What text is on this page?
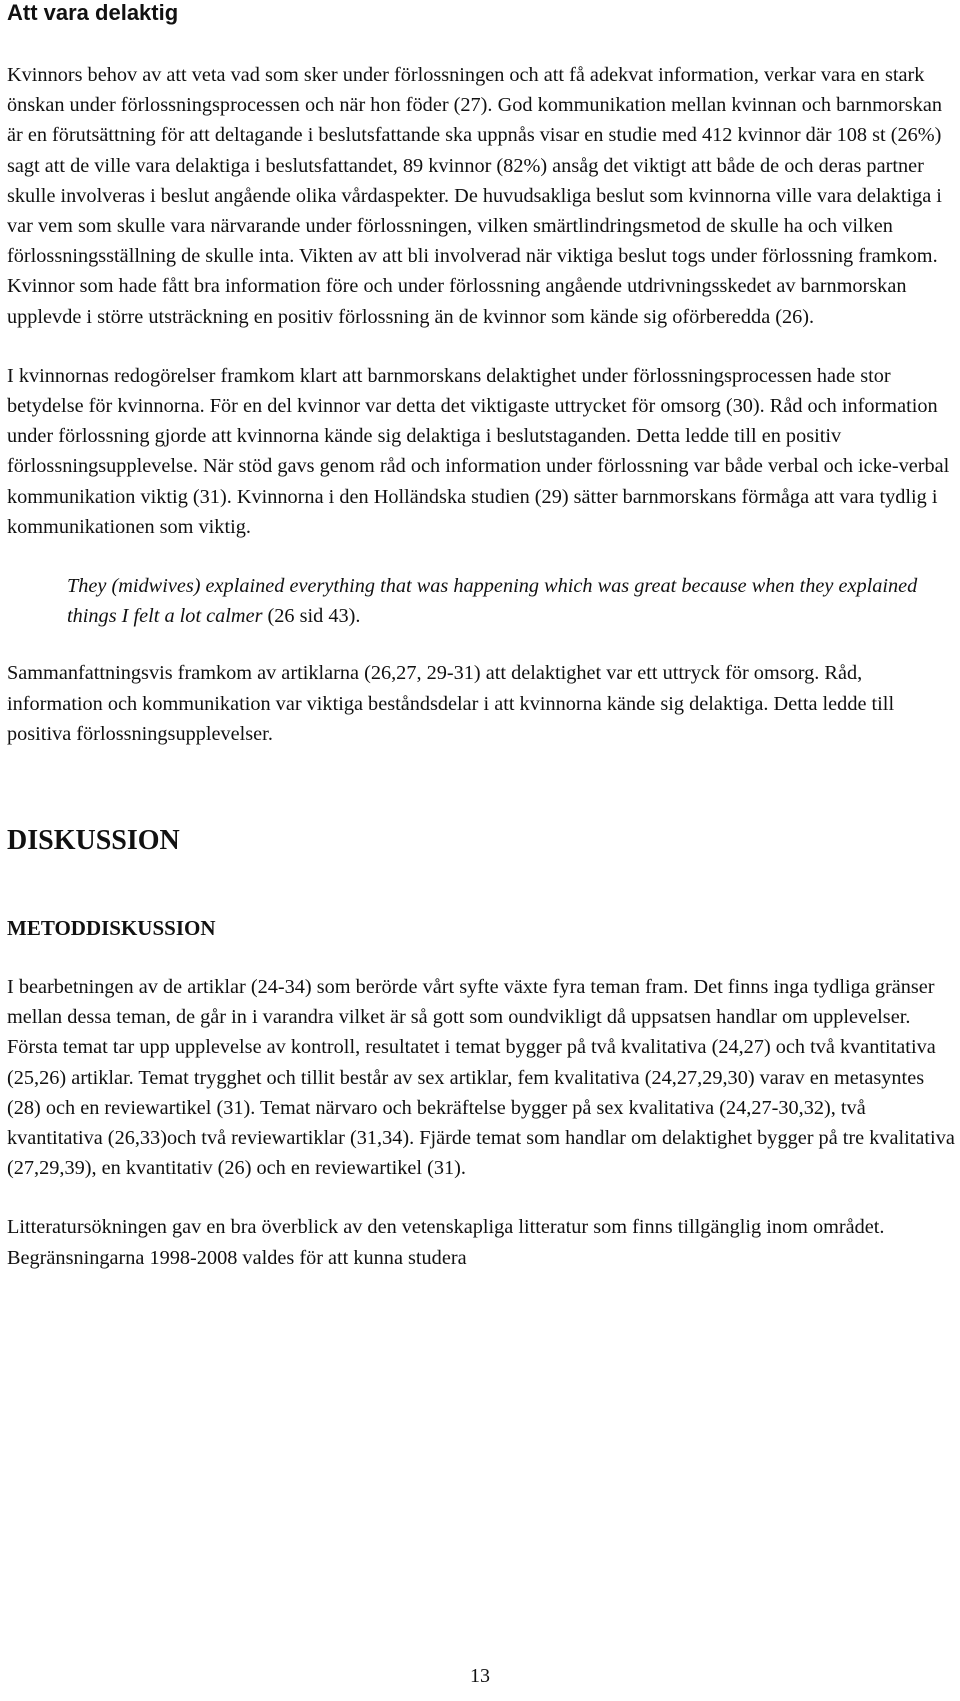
Att vara delaktig

Kvinnors behov av att veta vad som sker under förlossningen och att få adekvat information, verkar vara en stark önskan under förlossningsprocessen och när hon föder (27). God kommunikation mellan kvinnan och barnmorskan är en förutsättning för att deltagande i beslutsfattande ska uppnås visar en studie med 412 kvinnor där 108 st (26%) sagt att de ville vara delaktiga i beslutsfattandet, 89 kvinnor (82%) ansåg det viktigt att både de och deras partner skulle involveras i beslut angående olika vårdaspekter. De huvudsakliga beslut som kvinnorna ville vara delaktiga i var vem som skulle vara närvarande under förlossningen, vilken smärtlindringsmetod de skulle ha och vilken förlossningsställning de skulle inta. Vikten av att bli involverad när viktiga beslut togs under förlossning framkom. Kvinnor som hade fått bra information före och under förlossning angående utdrivningsskedet av barnmorskan upplevde i större utsträckning en positiv förlossning än de kvinnor som kände sig oförberedda (26).

I kvinnornas redogörelser framkom klart att barnmorskans delaktighet under förlossningsprocessen hade stor betydelse för kvinnorna. För en del kvinnor var detta det viktigaste uttrycket för omsorg (30). Råd och information under förlossning gjorde att kvinnorna kände sig delaktiga i beslutstaganden. Detta ledde till en positiv förlossningsupplevelse. När stöd gavs genom råd och information under förlossning var både verbal och icke-verbal kommunikation viktig (31). Kvinnorna i den Holländska studien (29) sätter barnmorskans förmåga att vara tydlig i kommunikationen som viktig.

They (midwives) explained everything that was happening which was great because when they explained things I felt a lot calmer (26 sid 43).

Sammanfattningsvis framkom av artiklarna (26,27, 29-31) att delaktighet var ett uttryck för omsorg. Råd, information och kommunikation var viktiga beståndsdelar i att kvinnorna kände sig delaktiga. Detta ledde till positiva förlossningsupplevelser.

DISKUSSION
METODDISKUSSION

I bearbetningen av de artiklar (24-34) som berörde vårt syfte växte fyra teman fram. Det finns inga tydliga gränser mellan dessa teman, de går in i varandra vilket är så gott som oundvikligt då uppsatsen handlar om upplevelser. Första temat tar upp upplevelse av kontroll, resultatet i temat bygger på två kvalitativa (24,27) och två kvantitativa (25,26) artiklar. Temat trygghet och tillit består av sex artiklar, fem kvalitativa (24,27,29,30) varav en metasyntes (28) och en reviewartikel (31). Temat närvaro och bekräftelse bygger på sex kvalitativa (24,27-30,32), två kvantitativa (26,33)och två reviewartiklar (31,34). Fjärde temat som handlar om delaktighet bygger på tre kvalitativa (27,29,39), en kvantitativ (26) och en reviewartikel (31).

Litteratursökningen gav en bra överblick av den vetenskapliga litteratur som finns tillgänglig inom området. Begränsningarna 1998-2008 valdes för att kunna studera

13
